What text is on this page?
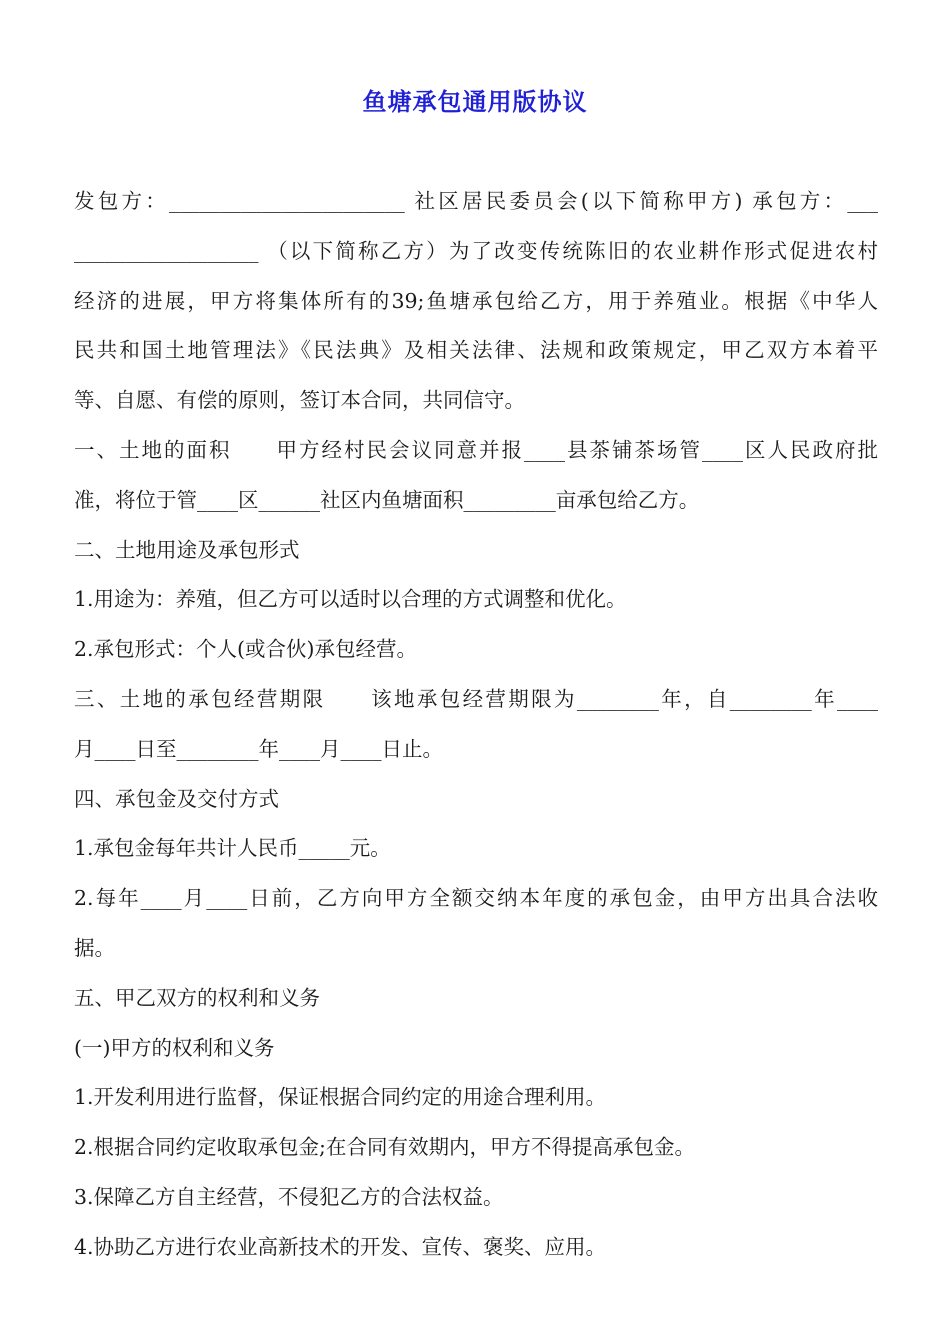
鱼塘承包通用版协议
发包方：_______________________ 社区居民委员会(以下简称甲方) 承包方：___
__________________ （以下简称乙方）为了改变传统陈旧的农业耕作形式促进农村
经济的进展，甲方将集体所有的39;鱼塘承包给乙方，用于养殖业。根据《中华人
民共和国土地管理法》《民法典》及相关法律、法规和政策规定，甲乙双方本着平
等、自愿、有偿的原则，签订本合同，共同信守。
一、土地的面积　　甲方经村民会议同意并报____县茶铺茶场管____区人民政府批
准，将位于管____区______社区内鱼塘面积_________亩承包给乙方。
二、土地用途及承包形式
1.用途为：养殖，但乙方可以适时以合理的方式调整和优化。
2.承包形式：个人(或合伙)承包经营。
三、土地的承包经营期限　　该地承包经营期限为________年，自________年____
月____日至________年____月____日止。
四、承包金及交付方式
1.承包金每年共计人民币_____元。
2.每年____月____日前，乙方向甲方全额交纳本年度的承包金，由甲方出具合法收
据。
五、甲乙双方的权利和义务
(一)甲方的权利和义务
1.开发利用进行监督，保证根据合同约定的用途合理利用。
2.根据合同约定收取承包金;在合同有效期内，甲方不得提高承包金。
3.保障乙方自主经营，不侵犯乙方的合法权益。
4.协助乙方进行农业高新技术的开发、宣传、褒奖、应用。
